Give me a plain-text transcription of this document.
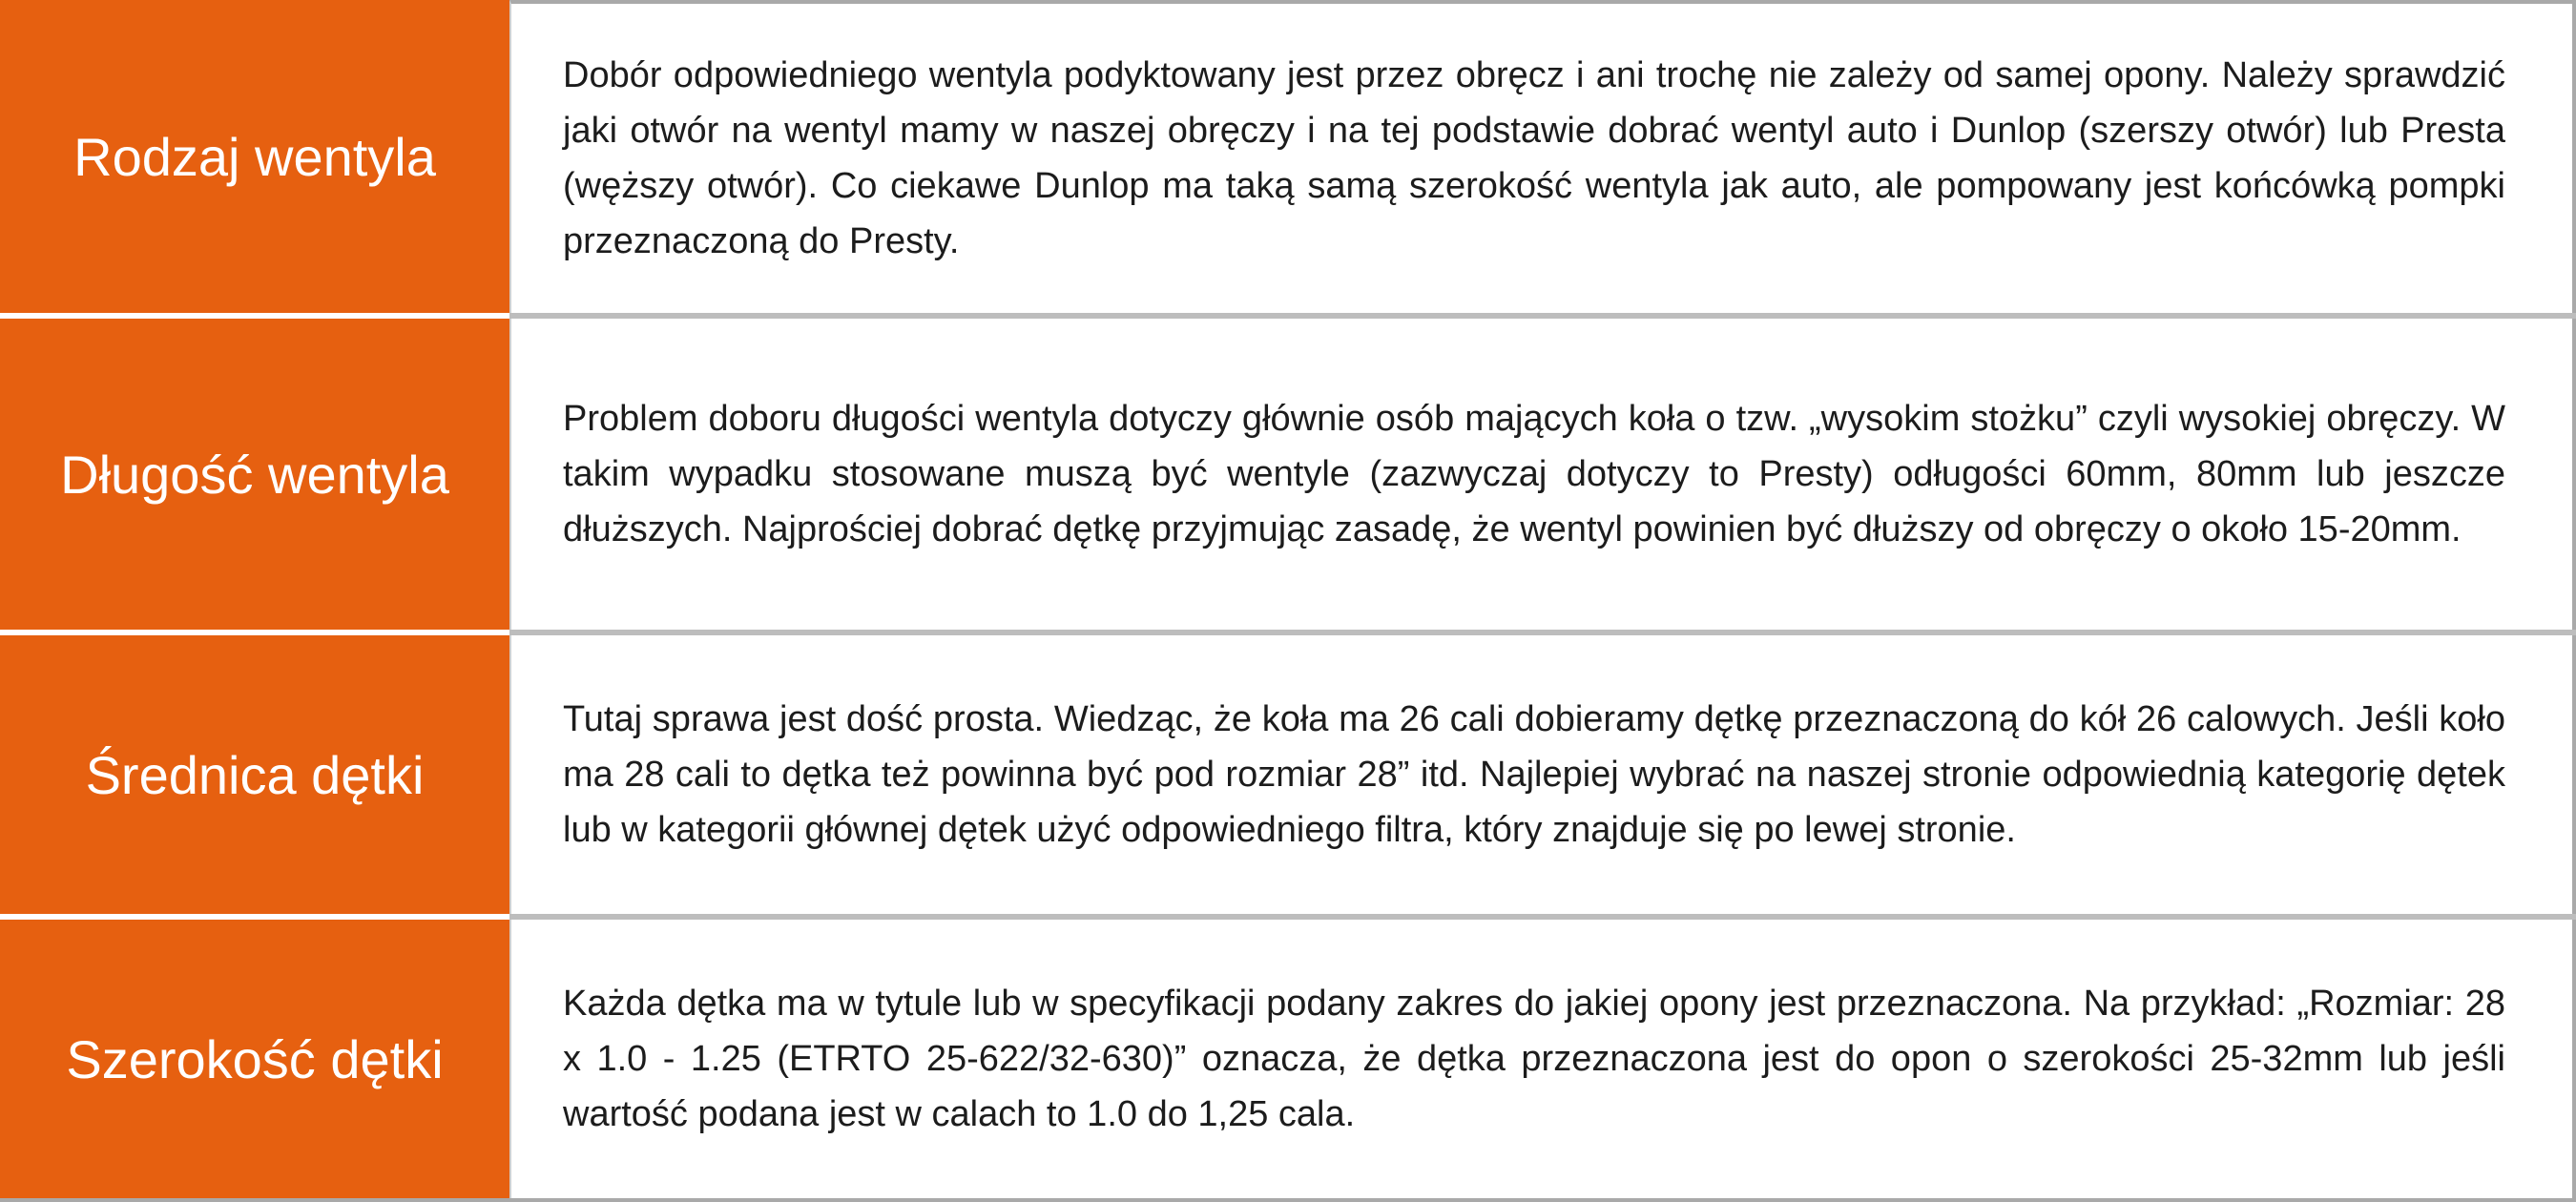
Rodzaj wentyla

Dobór odpowiedniego wentyla podyktowany jest przez obręcz i ani trochę nie zależy od samej opony. Należy sprawdzić jaki otwór na wentyl mamy w naszej obręczy i na tej podstawie dobrać wentyl auto i Dunlop (szerszy otwór) lub Presta (węższy otwór). Co ciekawe Dunlop ma taką samą szerokość wentyla jak auto, ale pompowany jest końcówką pompki przeznaczoną do Presty.

Długość wentyla

Problem doboru długości wentyla dotyczy głównie osób mających koła o tzw. „wysokim stożku” czyli wysokiej obręczy. W takim wypadku stosowane muszą być wentyle (zazwyczaj dotyczy to Presty) odługości 60mm, 80mm lub jeszcze dłuższych. Najprościej dobrać dętkę przyjmując zasadę, że wentyl powinien być dłuższy od obręczy o około 15-20mm.

Średnica dętki

Tutaj sprawa jest dość prosta. Wiedząc, że koła ma 26 cali dobieramy dętkę przeznaczoną do kół 26 calowych. Jeśli koło ma 28 cali to dętka też powinna być pod rozmiar 28” itd. Najlepiej wybrać na naszej stronie odpowiednią kategorię dętek lub w kategorii głównej dętek użyć odpowiedniego filtra, który znajduje się po lewej stronie.

Szerokość dętki

Każda dętka ma w tytule lub w specyfikacji podany zakres do jakiej opony jest przeznaczona. Na przykład: „Rozmiar: 28 x 1.0 - 1.25 (ETRTO 25-622/32-630)” oznacza, że dętka przeznaczona jest do opon o szerokości 25-32mm lub jeśli wartość podana jest w calach to 1.0 do 1,25 cala.
